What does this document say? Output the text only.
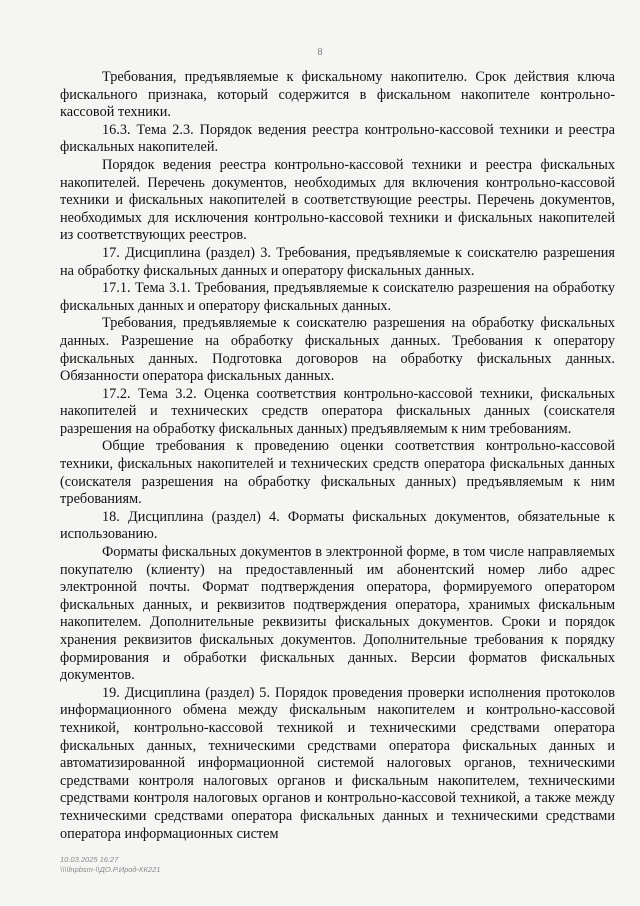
8

Требования, предъявляемые к фискальному накопителю. Срок действия ключа фискального признака, который содержится в фискальном накопителе контрольно-кассовой техники.

16.3. Тема 2.3. Порядок ведения реестра контрольно-кассовой техники и реестра фискальных накопителей.

Порядок ведения реестра контрольно-кассовой техники и реестра фискальных накопителей. Перечень документов, необходимых для включения контрольно-кассовой техники и фискальных накопителей в соответствующие реестры. Перечень документов, необходимых для исключения контрольно-кассовой техники и фискальных накопителей из соответствующих реестров.

17. Дисциплина (раздел) 3. Требования, предъявляемые к соискателю разрешения на обработку фискальных данных и оператору фискальных данных.

17.1. Тема 3.1. Требования, предъявляемые к соискателю разрешения на обработку фискальных данных и оператору фискальных данных.

Требования, предъявляемые к соискателю разрешения на обработку фискальных данных. Разрешение на обработку фискальных данных. Требования к оператору фискальных данных. Подготовка договоров на обработку фискальных данных. Обязанности оператора фискальных данных.

17.2. Тема 3.2. Оценка соответствия контрольно-кассовой техники, фискальных накопителей и технических средств оператора фискальных данных (соискателя разрешения на обработку фискальных данных) предъявляемым к ним требованиям.

Общие требования к проведению оценки соответствия контрольно-кассовой техники, фискальных накопителей и технических средств оператора фискальных данных (соискателя разрешения на обработку фискальных данных) предъявляемым к ним требованиям.

18. Дисциплина (раздел) 4. Форматы фискальных документов, обязательные к использованию.

Форматы фискальных документов в электронной форме, в том числе направляемых покупателю (клиенту) на предоставленный им абонентский номер либо адрес электронной почты. Формат подтверждения оператора, формируемого оператором фискальных данных, и реквизитов подтверждения оператора, хранимых фискальным накопителем. Дополнительные реквизиты фискальных документов. Сроки и порядок хранения реквизитов фискальных документов. Дополнительные требования к порядку формирования и обработки фискальных данных. Версии форматов фискальных документов.

19. Дисциплина (раздел) 5. Порядок проведения проверки исполнения протоколов информационного обмена между фискальным накопителем и контрольно-кассовой техникой, контрольно-кассовой техникой и техническими средствами оператора фискальных данных, техническими средствами оператора фискальных данных и автоматизированной информационной системой налоговых органов, техническими средствами контроля налоговых органов и фискальным накопителем, техническими средствами контроля налоговых органов и контрольно-кассовой техникой, а также между техническими средствами оператора фискальных данных и техническими средствами оператора информационных систем

10.03.2025 16:27
\\\\fnpbsm-\\ДО.Р.Ирод-КК221
